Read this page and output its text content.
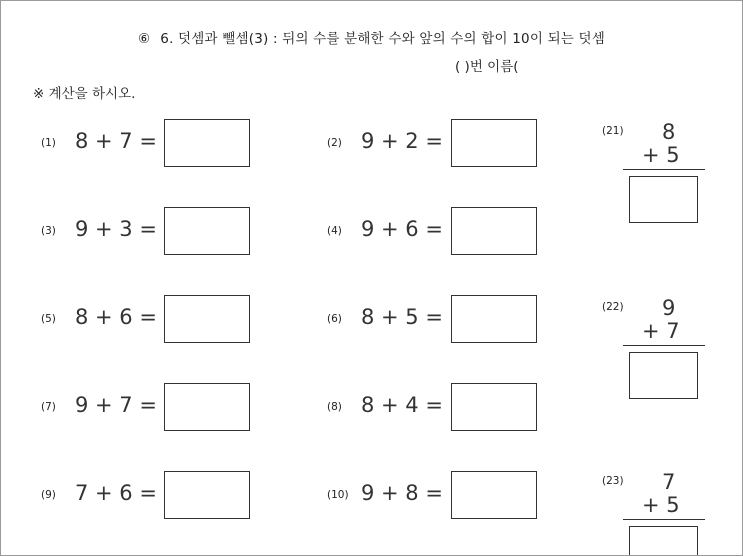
⑥ 6. 덧셈과 뺄셈(3) : 뒤의 수를 분해한 수와 앞의 수의 합이 10이 되는 덧셈
( )번 이름(
※ 계산을 하시오.
(1) 8 + 7 =	(2) 9 + 2 =
(3) 9 + 3 =	(4) 9 + 6 =
(5) 8 + 6 =	(6) 8 + 5 =
(7) 9 + 7 =	(8) 8 + 4 =
(9) 7 + 6 =	(10) 9 + 8 =
(21) 8
+ 5
(22) 9
+ 7
(23) 7
+ 5
